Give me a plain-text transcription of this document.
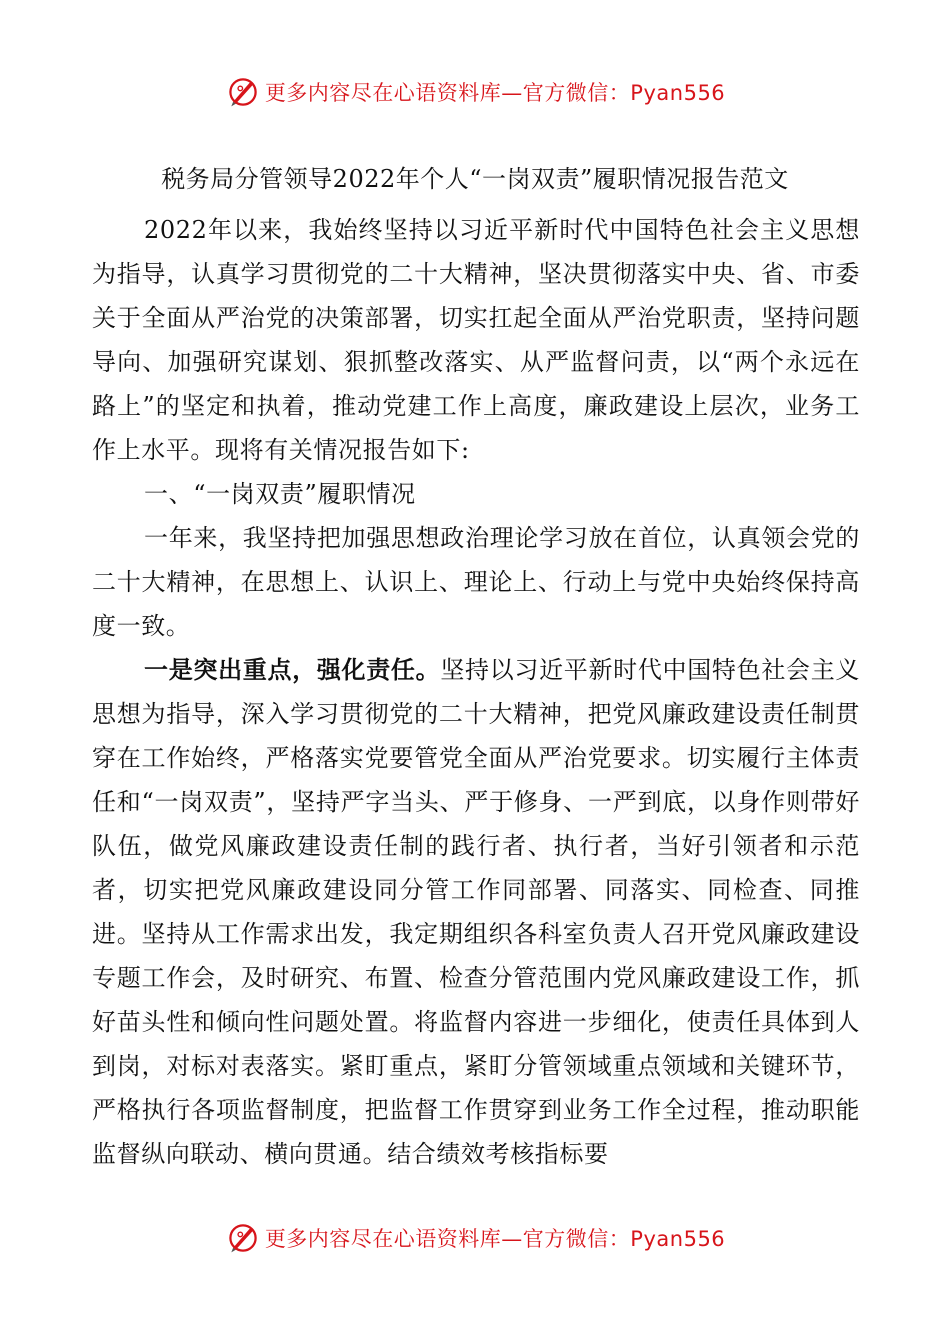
更多内容尽在心语资料库—官方微信：Pyan556
税务局分管领导2022年个人“一岗双责”履职情况报告范文

2022年以来，我始终坚持以习近平新时代中国特色社会主义思想为指导，认真学习贯彻党的二十大精神，坚决贯彻落实中央、省、市委关于全面从严治党的决策部署，切实扛起全面从严治党职责，坚持问题导向、加强研究谋划、狠抓整改落实、从严监督问责，以“两个永远在路上”的坚定和执着，推动党建工作上高度，廉政建设上层次，业务工作上水平。现将有关情况报告如下:

一、“一岗双责”履职情况

一年来，我坚持把加强思想政治理论学习放在首位，认真领会党的二十大精神，在思想上、认识上、理论上、行动上与党中央始终保持高度一致。

一是突出重点，强化责任。坚持以习近平新时代中国特色社会主义思想为指导，深入学习贯彻党的二十大精神，把党风廉政建设责任制贯穿在工作始终，严格落实党要管党全面从严治党要求。切实履行主体责任和“一岗双责”，坚持严字当头、严于修身、一严到底，以身作则带好队伍，做党风廉政建设责任制的践行者、执行者，当好引领者和示范者，切实把党风廉政建设同分管工作同部署、同落实、同检查、同推进。坚持从工作需求出发，我定期组织各科室负责人召开党风廉政建设专题工作会，及时研究、布置、检查分管范围内党风廉政建设工作，抓好苗头性和倾向性问题处置。将监督内容进一步细化，使责任具体到人到岗，对标对表落实。紧盯重点，紧盯分管领域重点领域和关键环节，严格执行各项监督制度，把监督工作贯穿到业务工作全过程，推动职能监督纵向联动、横向贯通。结合绩效考核指标要

更多内容尽在心语资料库—官方微信：Pyan556
